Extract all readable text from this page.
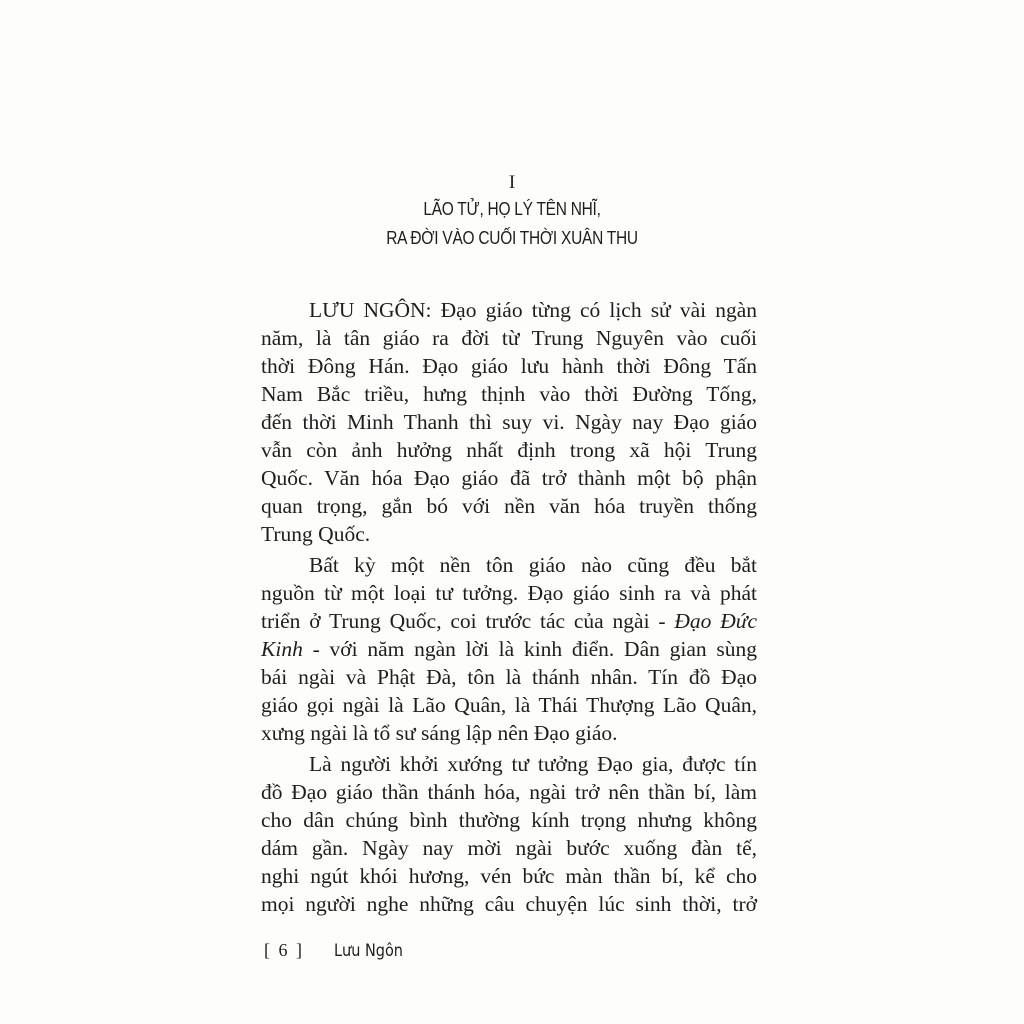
I
LÃO TỬ, HỌ LÝ TÊN NHĨ,
RA ĐỜI VÀO CUỐI THỜI XUÂN THU
LƯU NGÔN: Đạo giáo từng có lịch sử vài ngàn
năm, là tân giáo ra đời từ Trung Nguyên vào cuối
thời Đông Hán. Đạo giáo lưu hành thời Đông Tấn
Nam Bắc triều, hưng thịnh vào thời Đường Tống,
đến thời Minh Thanh thì suy vi. Ngày nay Đạo giáo
vẫn còn ảnh hưởng nhất định trong xã hội Trung
Quốc. Văn hóa Đạo giáo đã trở thành một bộ phận
quan trọng, gắn bó với nền văn hóa truyền thống
Trung Quốc.
Bất kỳ một nền tôn giáo nào cũng đều bắt
nguồn từ một loại tư tưởng. Đạo giáo sinh ra và phát
triển ở Trung Quốc, coi trước tác của ngài - Đạo Đức
Kinh - với năm ngàn lời là kinh điển. Dân gian sùng
bái ngài và Phật Đà, tôn là thánh nhân. Tín đồ Đạo
giáo gọi ngài là Lão Quân, là Thái Thượng Lão Quân,
xưng ngài là tổ sư sáng lập nên Đạo giáo.
Là người khởi xướng tư tưởng Đạo gia, được tín
đồ Đạo giáo thần thánh hóa, ngài trở nên thần bí, làm
cho dân chúng bình thường kính trọng nhưng không
dám gần. Ngày nay mời ngài bước xuống đàn tế,
nghi ngút khói hương, vén bức màn thần bí, kể cho
mọi người nghe những câu chuyện lúc sinh thời, trở
[ 6 ] Lưu Ngôn
